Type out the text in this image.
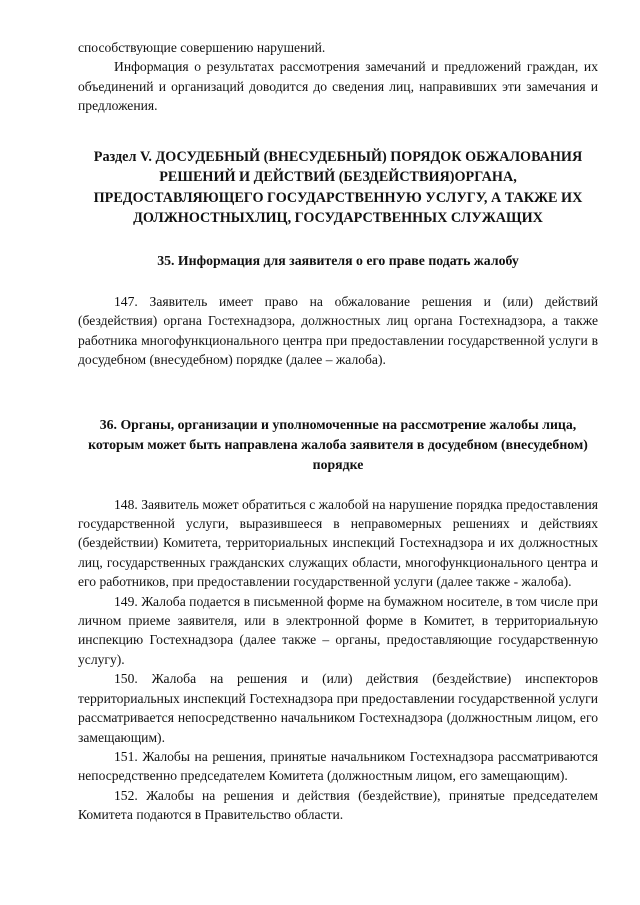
способствующие совершению нарушений.

Информация о результатах рассмотрения замечаний и предложений граждан, их объединений и организаций доводится до сведения лиц, направивших эти замечания и предложения.

Раздел V. ДОСУДЕБНЫЙ (ВНЕСУДЕБНЫЙ) ПОРЯДОК ОБЖАЛОВАНИЯ РЕШЕНИЙ И ДЕЙСТВИЙ (БЕЗДЕЙСТВИЯ)ОРГАНА, ПРЕДОСТАВЛЯЮЩЕГО ГОСУДАРСТВЕННУЮ УСЛУГУ, А ТАКЖЕ ИХ ДОЛЖНОСТНЫХЛИЦ, ГОСУДАРСТВЕННЫХ СЛУЖАЩИХ
35. Информация для заявителя о его праве подать жалобу

147. Заявитель имеет право на обжалование решения и (или) действий (бездействия) органа Гостехнадзора, должностных лиц органа Гостехнадзора, а также работника многофункционального центра при предоставлении государственной услуги в досудебном (внесудебном) порядке (далее – жалоба).

36. Органы, организации и уполномоченные на рассмотрение жалобы лица, которым может быть направлена жалоба заявителя в досудебном (внесудебном) порядке

148. Заявитель может обратиться с жалобой на нарушение порядка предоставления государственной услуги, выразившееся в неправомерных решениях и действиях (бездействии) Комитета, территориальных инспекций Гостехнадзора и их должностных лиц, государственных гражданских служащих области, многофункционального центра и его работников, при предоставлении государственной услуги (далее также - жалоба).

149. Жалоба подается в письменной форме на бумажном носителе, в том числе при личном приеме заявителя, или в электронной форме в Комитет, в территориальную инспекцию Гостехнадзора (далее также – органы, предоставляющие государственную услугу).

150. Жалоба на решения и (или) действия (бездействие) инспекторов территориальных инспекций Гостехнадзора при предоставлении государственной услуги рассматривается непосредственно начальником Гостехнадзора (должностным лицом, его замещающим).

151. Жалобы на решения, принятые начальником Гостехнадзора рассматриваются непосредственно председателем Комитета (должностным лицом, его замещающим).

152. Жалобы на решения и действия (бездействие), принятые председателем Комитета подаются в Правительство области.
